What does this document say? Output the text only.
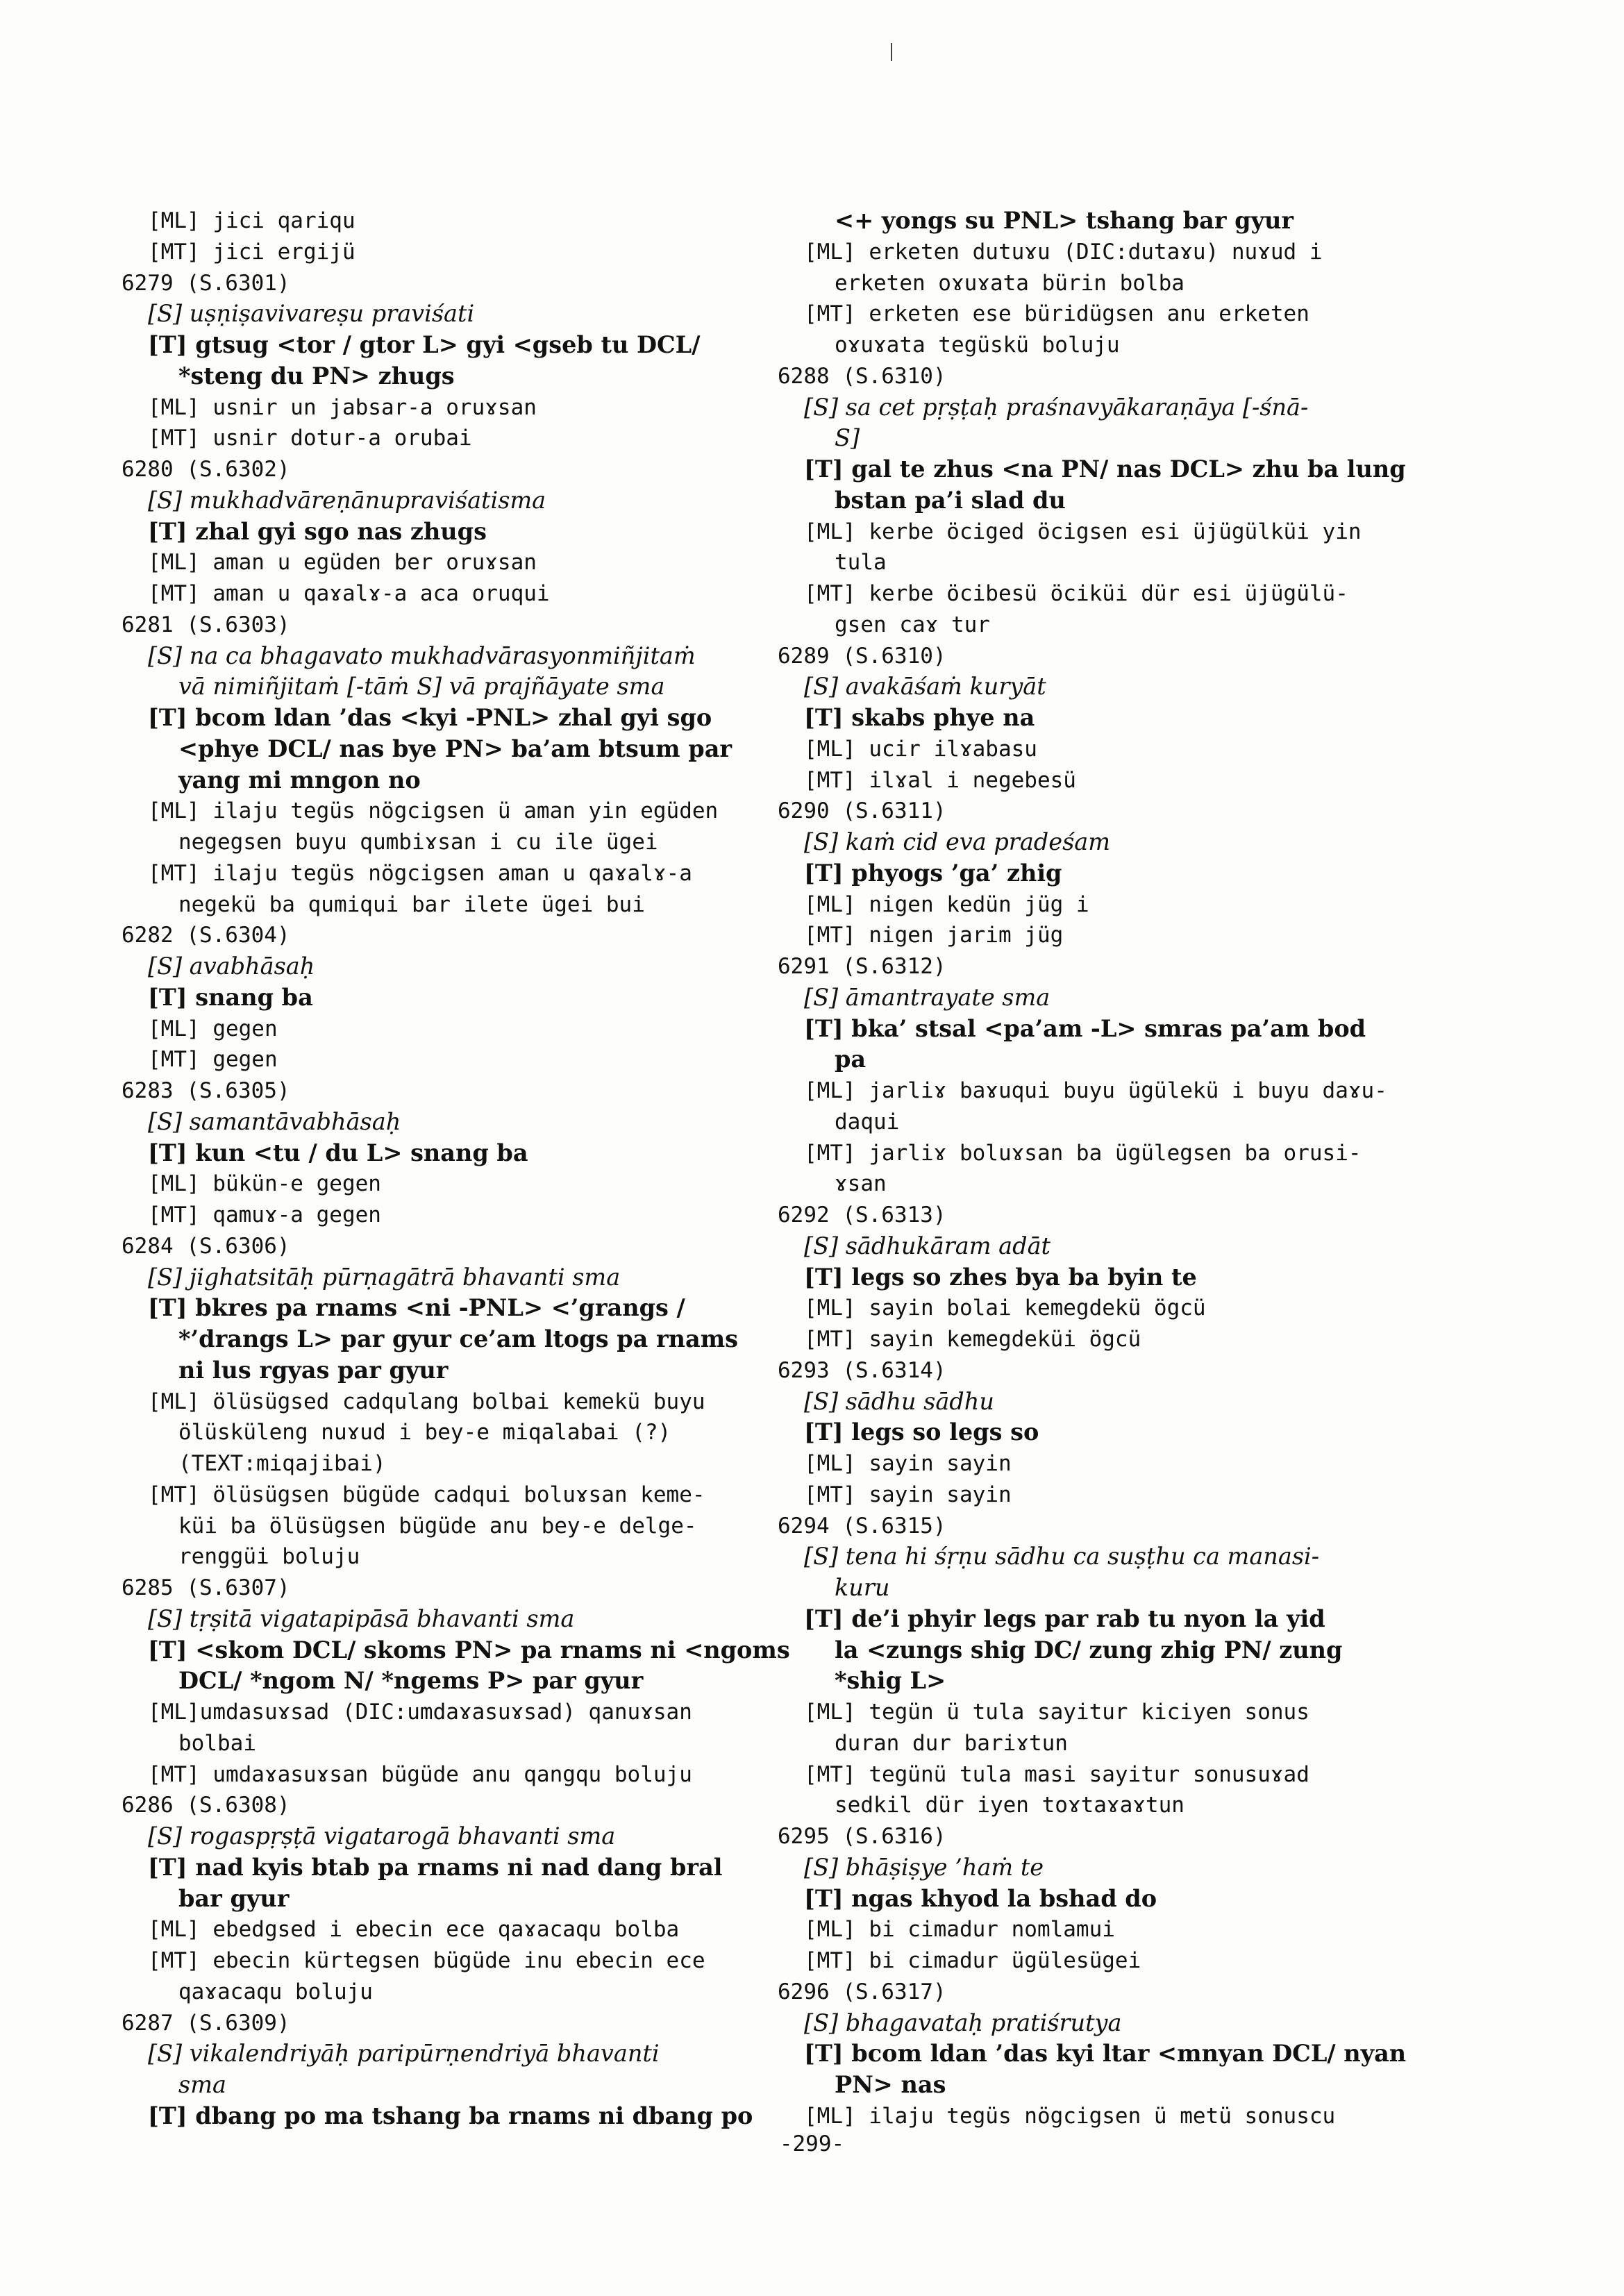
[ML] jici qariqu
[MT] jici ergijü
6279 (S.6301)
[S] uṣṇiṣavivareṣu praviśati
[T] gtsug <tor / gtor L> gyi <gseb tu DCL/
*steng du PN> zhugs
[ML] usnir un jabsar-a oruɤsan
[MT] usnir dotur-a orubai
6280 (S.6302)
[S] mukhadvāreṇānupraviśatisma
[T] zhal gyi sgo nas zhugs
[ML] aman u egüden ber oruɤsan
[MT] aman u qaɤalɤ-a aca oruqui
6281 (S.6303)
[S] na ca bhagavato mukhadvārasyonmiñjitaṁ
vā nimiñjitaṁ [-tāṁ S] vā prajñāyate sma
[T] bcom ldan ’das <kyi -PNL> zhal gyi sgo
<phye DCL/ nas bye PN> ba’am btsum par
yang mi mngon no
[ML] ilaju tegüs nögcigsen ü aman yin egüden
negegsen buyu qumbiɤsan i cu ile ügei
[MT] ilaju tegüs nögcigsen aman u qaɤalɤ-a
negekü ba qumiqui bar ilete ügei bui
6282 (S.6304)
[S] avabhāsaḥ
[T] snang ba
[ML] gegen
[MT] gegen
6283 (S.6305)
[S] samantāvabhāsaḥ
[T] kun <tu / du L> snang ba
[ML] bükün-e gegen
[MT] qamuɤ-a gegen
6284 (S.6306)
[S] jighatsitāḥ pūrṇagātrā bhavanti sma
[T] bkres pa rnams <ni -PNL> <’grangs /
*’drangs L> par gyur ce’am ltogs pa rnams
ni lus rgyas par gyur
[ML] ölüsügsed cadqulang bolbai kemekü buyu
ölüsküleng nuɤud i bey-e miqalabai (?)
(TEXT:miqajibai)
[MT] ölüsügsen bügüde cadqui boluɤsan keme-
küi ba ölüsügsen bügüde anu bey-e delge-
renggüi boluju
6285 (S.6307)
[S] tṛṣitā vigatapipāsā bhavanti sma
[T] <skom DCL/ skoms PN> pa rnams ni <ngoms
DCL/ *ngom N/ *ngems P> par gyur
[ML]umdasuɤsad (DIC:umdaɤasuɤsad) qanuɤsan
bolbai
[MT] umdaɤasuɤsan bügüde anu qangqu boluju
6286 (S.6308)
[S] rogaspṛṣṭā vigatarogā bhavanti sma
[T] nad kyis btab pa rnams ni nad dang bral
bar gyur
[ML] ebedgsed i ebecin ece qaɤacaqu bolba
[MT] ebecin kürtegsen bügüde inu ebecin ece
qaɤacaqu boluju
6287 (S.6309)
[S] vikalendriyāḥ paripūrṇendriyā bhavanti
sma
[T] dbang po ma tshang ba rnams ni dbang po
<+ yongs su PNL> tshang bar gyur
[ML] erketen dutuɤu (DIC:dutaɤu) nuɤud i
erketen oɤuɤata bürin bolba
[MT] erketen ese büridügsen anu erketen
oɤuɤata tegüskü boluju
6288 (S.6310)
[S] sa cet pṛṣṭaḥ praśnavyākaraṇāya [-śnā-
S]
[T] gal te zhus <na PN/ nas DCL> zhu ba lung
bstan pa’i slad du
[ML] kerbe öciged öcigsen esi üjügülküi yin
tula
[MT] kerbe öcibesü öciküi dür esi üjügülü-
gsen caɤ tur
6289 (S.6310)
[S] avakāśaṁ kuryāt
[T] skabs phye na
[ML] ucir ilɤabasu
[MT] ilɤal i negebesü
6290 (S.6311)
[S] kaṁ cid eva pradeśam
[T] phyogs ’ga’ zhig
[ML] nigen kedün jüg i
[MT] nigen jarim jüg
6291 (S.6312)
[S] āmantrayate sma
[T] bka’ stsal <pa’am -L> smras pa’am bod
pa
[ML] jarliɤ baɤuqui buyu ügülekü i buyu daɤu-
daqui
[MT] jarliɤ boluɤsan ba ügülegsen ba orusi-
ɤsan
6292 (S.6313)
[S] sādhukāram adāt
[T] legs so zhes bya ba byin te
[ML] sayin bolai kemegdekü ögcü
[MT] sayin kemegdeküi ögcü
6293 (S.6314)
[S] sādhu sādhu
[T] legs so legs so
[ML] sayin sayin
[MT] sayin sayin
6294 (S.6315)
[S] tena hi śṛṇu sādhu ca suṣṭhu ca manasi-
kuru
[T] de’i phyir legs par rab tu nyon la yid
la <zungs shig DC/ zung zhig PN/ zung
*shig L>
[ML] tegün ü tula sayitur kiciyen sonus
duran dur bariɤtun
[MT] tegünü tula masi sayitur sonusuɤad
sedkil dür iyen toɤtaɤaɤtun
6295 (S.6316)
[S] bhāṣiṣye ’haṁ te
[T] ngas khyod la bshad do
[ML] bi cimadur nomlamui
[MT] bi cimadur ügülesügei
6296 (S.6317)
[S] bhagavataḥ pratiśrutya
[T] bcom ldan ’das kyi ltar <mnyan DCL/ nyan
PN> nas
[ML] ilaju tegüs nögcigsen ü metü sonuscu
-299-
